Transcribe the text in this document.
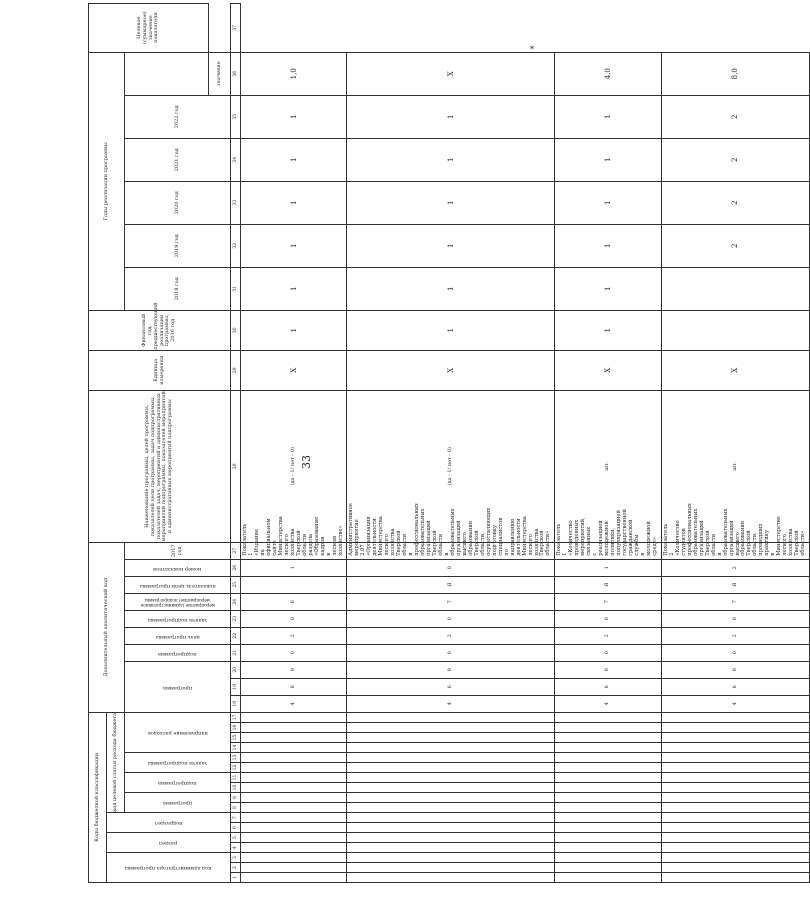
33
*
Коды бюджетной классификации																	Дополнительный аналитический код										Наименование программы, целей программы, показателей цели программы, задач подпрограммы, показателей задач, мероприятий и административных мероприятий подпрограммы, показателей мероприятий и административных мероприятий подпрограммы	Единица измерения	Финансовый год, предшествующий реализации программы, 2016 год	Годы реализации программы						Целевое (суммарное) значение показателя

код администратора программы			раздел		подраздел		код целевой статьи расхода бюджета																													

							программа		подпрограмма		задача подпрограммы		направление расходов				программа			подпрограмма	цель программы	задача подпрограммы	мероприятие (административное мероприятие) подпрограммы	показатель цели программы	номер показателя	2017 год				2018 год	2019 год	2020 год	2021 год	2022 год		
																																			значение	
1	2	3	4	5	6	7	8	9	10	11	12	13	14	15	16	17	18	19	20	21	22	23	24	25	26	27	28	29	30	31	32	33	34	35	36	37
																	4	6	9	0	2	0	6		1	Показатель 1 «Издание на официальном сайте Министерства лесного хозяйства Тверской области раздела «Образование кадров в лесном хозяйстве»	(да - 1/ нет - 0)	X	1	1	1	1	1	1	1,0	
																	4	6	9	0	2	0	7	Я	0	Административное мероприятие 2.07 «Организация деятельности Министерства лесного хозяйства Тверской области и профессиональных образовательных организаций Тверской области и образовательных организаций высшего образования Тверской области, осуществляющих подготовку специалистов по направлению деятельности Министерства лесного хозяйства Тверской области»	(да - 1/ нет - 0)	X	1	1	1	1	1	1	X	
																	4	6	9	0	2	0	7	Я	1	Показатель 1 «Количество проведенных мероприятий, связанных с реализацией молодежной политики, популяризацией государственной гражданской службы в молодежной среде»	шт.	X	1	1	1	1	1	1	4,0	
																	4	6	9	0	2	0	7	Я	2	Показатель 2 «Количество студентов профессиональных образовательных организаций Тверской области и образовательных организаций высшего образования Тверской области, прошедших практику в Министерстве лесного хозяйства Тверской области»	шт.	X			2	2	2	2	8,0	
